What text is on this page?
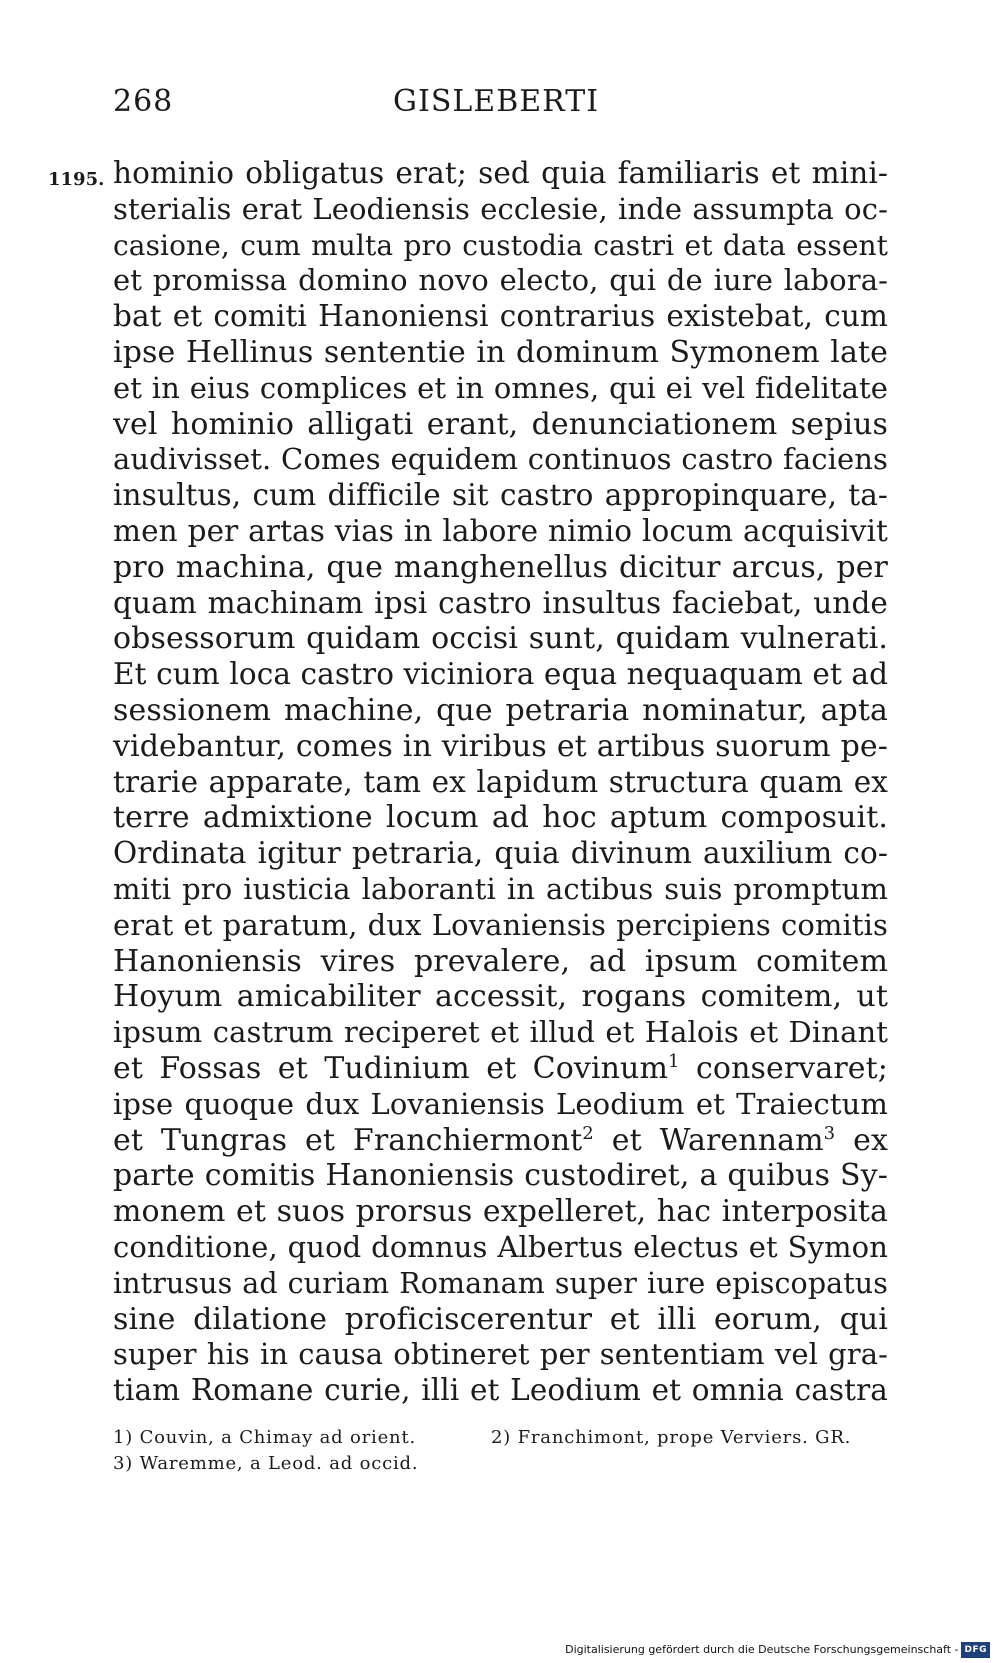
268	GISLEBERTI
1195. hominio obligatus erat; sed quia familiaris et mini-
sterialis erat Leodiensis ecclesie, inde assumpta oc-
casione, cum multa pro custodia castri et data essent
et promissa domino novo electo, qui de iure labora-
bat et comiti Hanoniensi contrarius existebat, cum
ipse Hellinus sententie in dominum Symonem late
et in eius complices et in omnes, qui ei vel fidelitate
vel hominio alligati erant, denunciationem sepius
audivisset. Comes equidem continuos castro faciens
insultus, cum difficile sit castro appropinquare, ta-
men per artas vias in labore nimio locum acquisivit
pro machina, que manghenellus dicitur arcus, per
quam machinam ipsi castro insultus faciebat, unde
obsessorum quidam occisi sunt, quidam vulnerati.
Et cum loca castro viciniora equa nequaquam et ad
sessionem machine, que petraria nominatur, apta
videbantur, comes in viribus et artibus suorum pe-
trarie apparate, tam ex lapidum structura quam ex
terre admixtione locum ad hoc aptum composuit.
Ordinata igitur petraria, quia divinum auxilium co-
miti pro iusticia laboranti in actibus suis promptum
erat et paratum, dux Lovaniensis percipiens comitis
Hanoniensis vires prevalere, ad ipsum comitem
Hoyum amicabiliter accessit, rogans comitem, ut
ipsum castrum reciperet et illud et Halois et Dinant
et Fossas et Tudinium et Covinum$^1$ conservaret;
ipse quoque dux Lovaniensis Leodium et Traiectum
et Tungras et Franchiermont$^2$ et Warennam$^3$ ex
parte comitis Hanoniensis custodiret, a quibus Sy-
monem et suos prorsus expelleret, hac interposita
conditione, quod domnus Albertus electus et Symon
intrusus ad curiam Romanam super iure episcopatus
sine dilatione proficiscerentur et illi eorum, qui
super his in causa obtineret per sententiam vel gra-
tiam Romane curie, illi et Leodium et omnia castra
1) Couvin, a Chimay ad orient.	2) Franchimont, prope Verviers. GR.
3) Waremme, a Leod. ad occid.
Digitalisierung gefördert durch die Deutsche Forschungsgemeinschaft - DFG
